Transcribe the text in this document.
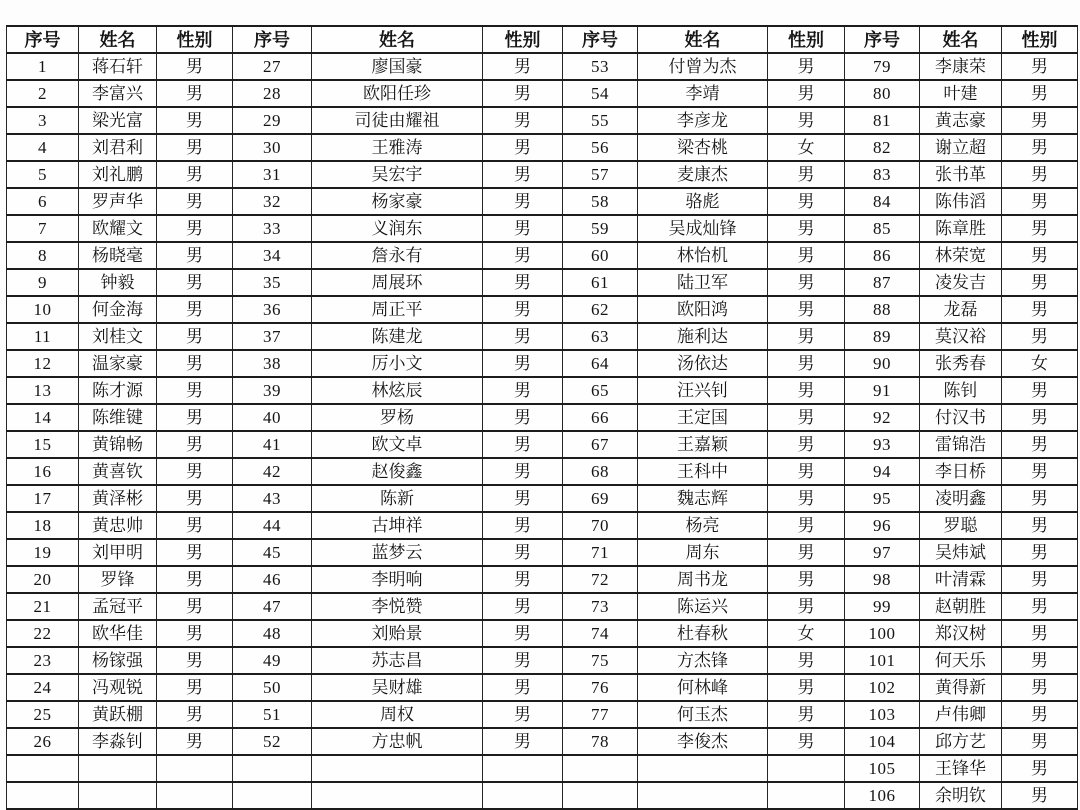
序号	姓名	性别	序号	姓名	性别	序号	姓名	性别	序号	姓名	性别
1	蒋石轩	男	27	廖国豪	男	53	付曾为杰	男	79	李康荣	男
2	李富兴	男	28	欧阳任珍	男	54	李靖	男	80	叶建	男
3	梁光富	男	29	司徒由耀祖	男	55	李彦龙	男	81	黄志豪	男
4	刘君利	男	30	王雅涛	男	56	梁杏桃	女	82	谢立超	男
5	刘礼鹏	男	31	吴宏宇	男	57	麦康杰	男	83	张书革	男
6	罗声华	男	32	杨家豪	男	58	骆彪	男	84	陈伟滔	男
7	欧耀文	男	33	义润东	男	59	吴成灿锋	男	85	陈章胜	男
8	杨晓毫	男	34	詹永有	男	60	林怡机	男	86	林荣宽	男
9	钟毅	男	35	周展环	男	61	陆卫军	男	87	凌发吉	男
10	何金海	男	36	周正平	男	62	欧阳鸿	男	88	龙磊	男
11	刘桂文	男	37	陈建龙	男	63	施利达	男	89	莫汉裕	男
12	温家豪	男	38	厉小文	男	64	汤依达	男	90	张秀春	女
13	陈才源	男	39	林炫辰	男	65	汪兴钊	男	91	陈钊	男
14	陈维键	男	40	罗杨	男	66	王定国	男	92	付汉书	男
15	黄锦畅	男	41	欧文卓	男	67	王嘉颖	男	93	雷锦浩	男
16	黄喜钦	男	42	赵俊鑫	男	68	王科中	男	94	李日桥	男
17	黄泽彬	男	43	陈新	男	69	魏志辉	男	95	凌明鑫	男
18	黄忠帅	男	44	古坤祥	男	70	杨亮	男	96	罗聪	男
19	刘甲明	男	45	蓝梦云	男	71	周东	男	97	吴炜斌	男
20	罗锋	男	46	李明响	男	72	周书龙	男	98	叶清霖	男
21	孟冠平	男	47	李悦赞	男	73	陈运兴	男	99	赵朝胜	男
22	欧华佳	男	48	刘贻景	男	74	杜春秋	女	100	郑汉树	男
23	杨镓强	男	49	苏志昌	男	75	方杰锋	男	101	何天乐	男
24	冯观锐	男	50	吴财雄	男	76	何林峰	男	102	黄得新	男
25	黄跃棚	男	51	周权	男	77	何玉杰	男	103	卢伟卿	男
26	李淼钊	男	52	方忠帆	男	78	李俊杰	男	104	邱方艺	男
									105	王锋华	男
									106	余明钦	男
